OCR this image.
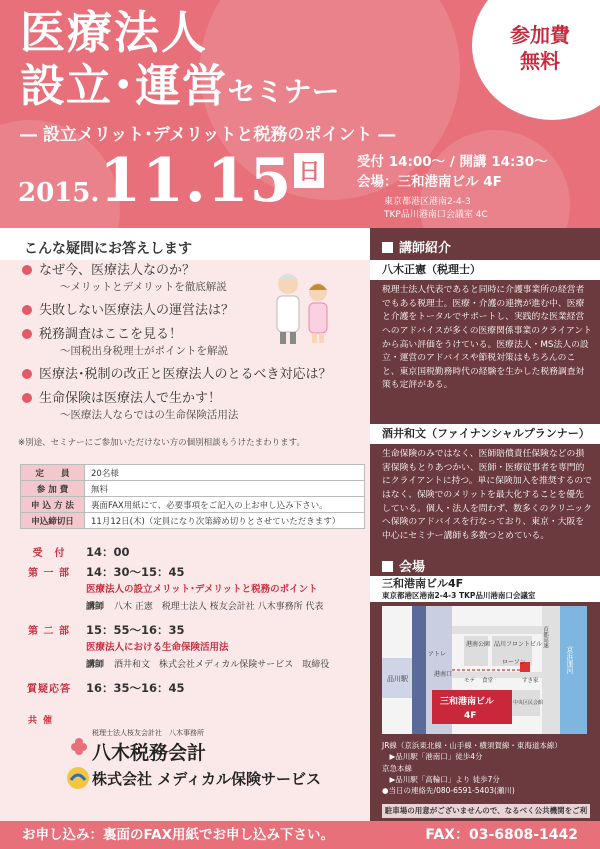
医療法人
設立･運営セミナー
― 設立メリット･デメリットと税務のポイント ―
参加費
無料
2015.11.15 日	受付 14:00～ / 開講 14:30～
会場：三和港南ビル 4F
東京都港区港南2-4-3
TKP品川港南口会議室 4C
こんな疑問にお答えします
なぜ今、医療法人なのか？
～メリットとデメリットを徹底解説
失敗しない医療法人の運営法は？
税務調査はここを見る！
～国税出身税理士がポイントを解説
医療法･税制の改正と医療法人のとるべき対応は？
生命保険は医療法人で生かす！
～医療法人ならではの生命保険活用法
※別途、セミナーにご参加いただけない方の個別相談もうけたまわります。
定　　員	20名様
参 加 費	無料
申 込 方 法	裏面FAX用紙にて、必要事項をご記入の上お申し込み下さい。
申込締切日	11月12日(木)（定員になり次第締め切りとさせていただきます）
受　付	14：00
第 一 部	14：30～15：45
医療法人の設立メリット･デメリットと税務のポイント
講師 八木 正憲　税理士法人 桜友会計社 八木事務所 代表
第 二 部	15：55～16：35
医療法人における生命保険活用法
講師 酒井和文　株式会社メディカル保険サービス　取締役
質疑応答	16：35～16：45
共催
税理士法人桜友会計社　八木事務所
八木税務会計
株式会社 メディカル保険サービス
講師紹介
八木正憲（税理士）
税理士法人代表であると同時に介護事業所の経営者でもある税理士。医療・介護の連携が進む中、医療と介護をトータルでサポートし、実践的な医業経営へのアドバイスが多くの医療関係事業のクライアントから高い評価をうけている。医療法人・MS法人の設立・運営のアドバイスや節税対策はもちろんのこと、東京国税勤務時代の経験を生かした税務調査対策も定評がある。
酒井和文（ファイナンシャルプランナー）
生命保険のみではなく、医師賠償責任保険などの損害保険もとりあつかい、医師・医療従事者を専門的にクライアントに持つ。単に保険加入を推奨するのではなく、保険でのメリットを最大化することを優先している。個人・法人を問わず、数多くのクリニックへ保険のアドバイスを行なっており、東京・大阪を中心にセミナー講師も多数つとめている。
会場
三和港南ビル4F
東京都港区港南2-4-3 TKP品川港南口会議室
品川駅
港南口
アトレ
品川フロントビル
港南公園
ローソン
モテ 食堂	すき家
中央区民会館
首都高速
京浜運河
三和港南ビル
4F
JR線（京浜東北線・山手線・横須賀線・東海道本線）
　▶品川駅「港南口」徒歩4分
京急本線
　▶品川駅「高輪口」より 徒歩7分
●当日の連絡先/080-6591-5403(瀬川)
駐車場の用意がございませんので、なるべく公共機関をご利
お申し込み：裏面のFAX用紙でお申し込み下さい。	FAX：03-6808-1442
